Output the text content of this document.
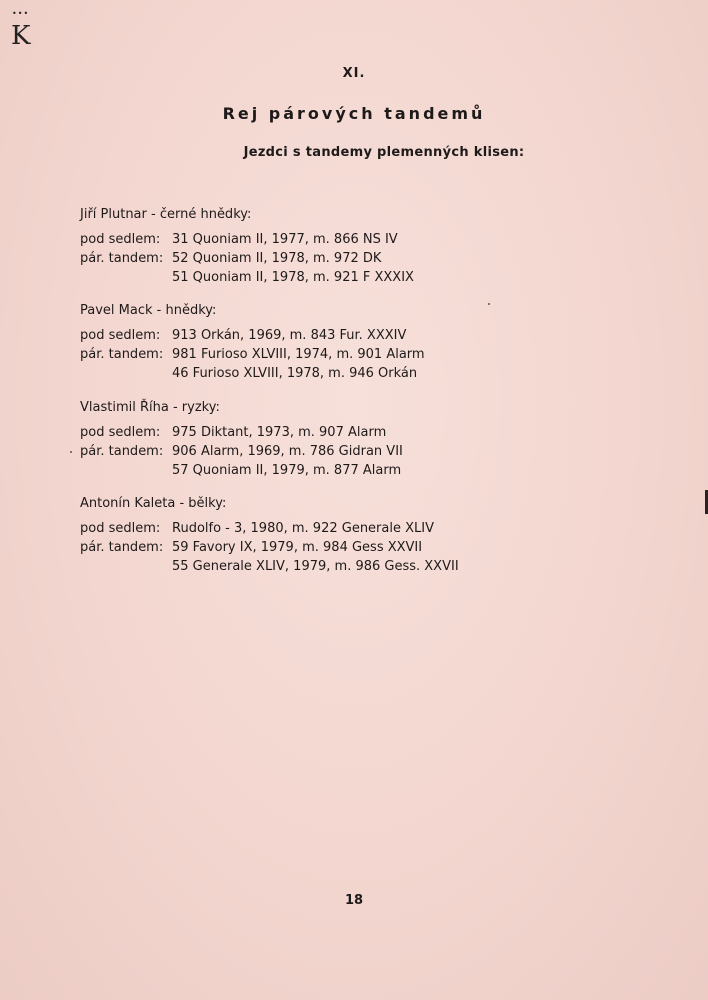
•••
K
XI.
Rej párových tandemů
Jezdci s tandemy plemenných klisen:
Jiří Plutnar - černé hnědky:
pod sedlem: 31 Quoniam II, 1977, m. 866 NS IV
pár. tandem: 52 Quoniam II, 1978, m. 972 DK
51 Quoniam II, 1978, m. 921 F XXXIX
Pavel Mack - hnědky:
pod sedlem: 913 Orkán, 1969, m. 843 Fur. XXXIV
pár. tandem: 981 Furioso XLVIII, 1974, m. 901 Alarm
46 Furioso XLVIII, 1978, m. 946 Orkán
Vlastimil Říha - ryzky:
pod sedlem: 975 Diktant, 1973, m. 907 Alarm
pár. tandem: 906 Alarm, 1969, m. 786 Gidran VII
57 Quoniam II, 1979, m. 877 Alarm
Antonín Kaleta - bělky:
pod sedlem: Rudolfo - 3, 1980, m. 922 Generale XLIV
pár. tandem: 59 Favory IX, 1979, m. 984 Gess XXVII
55 Generale XLIV, 1979, m. 986 Gess. XXVII
18
